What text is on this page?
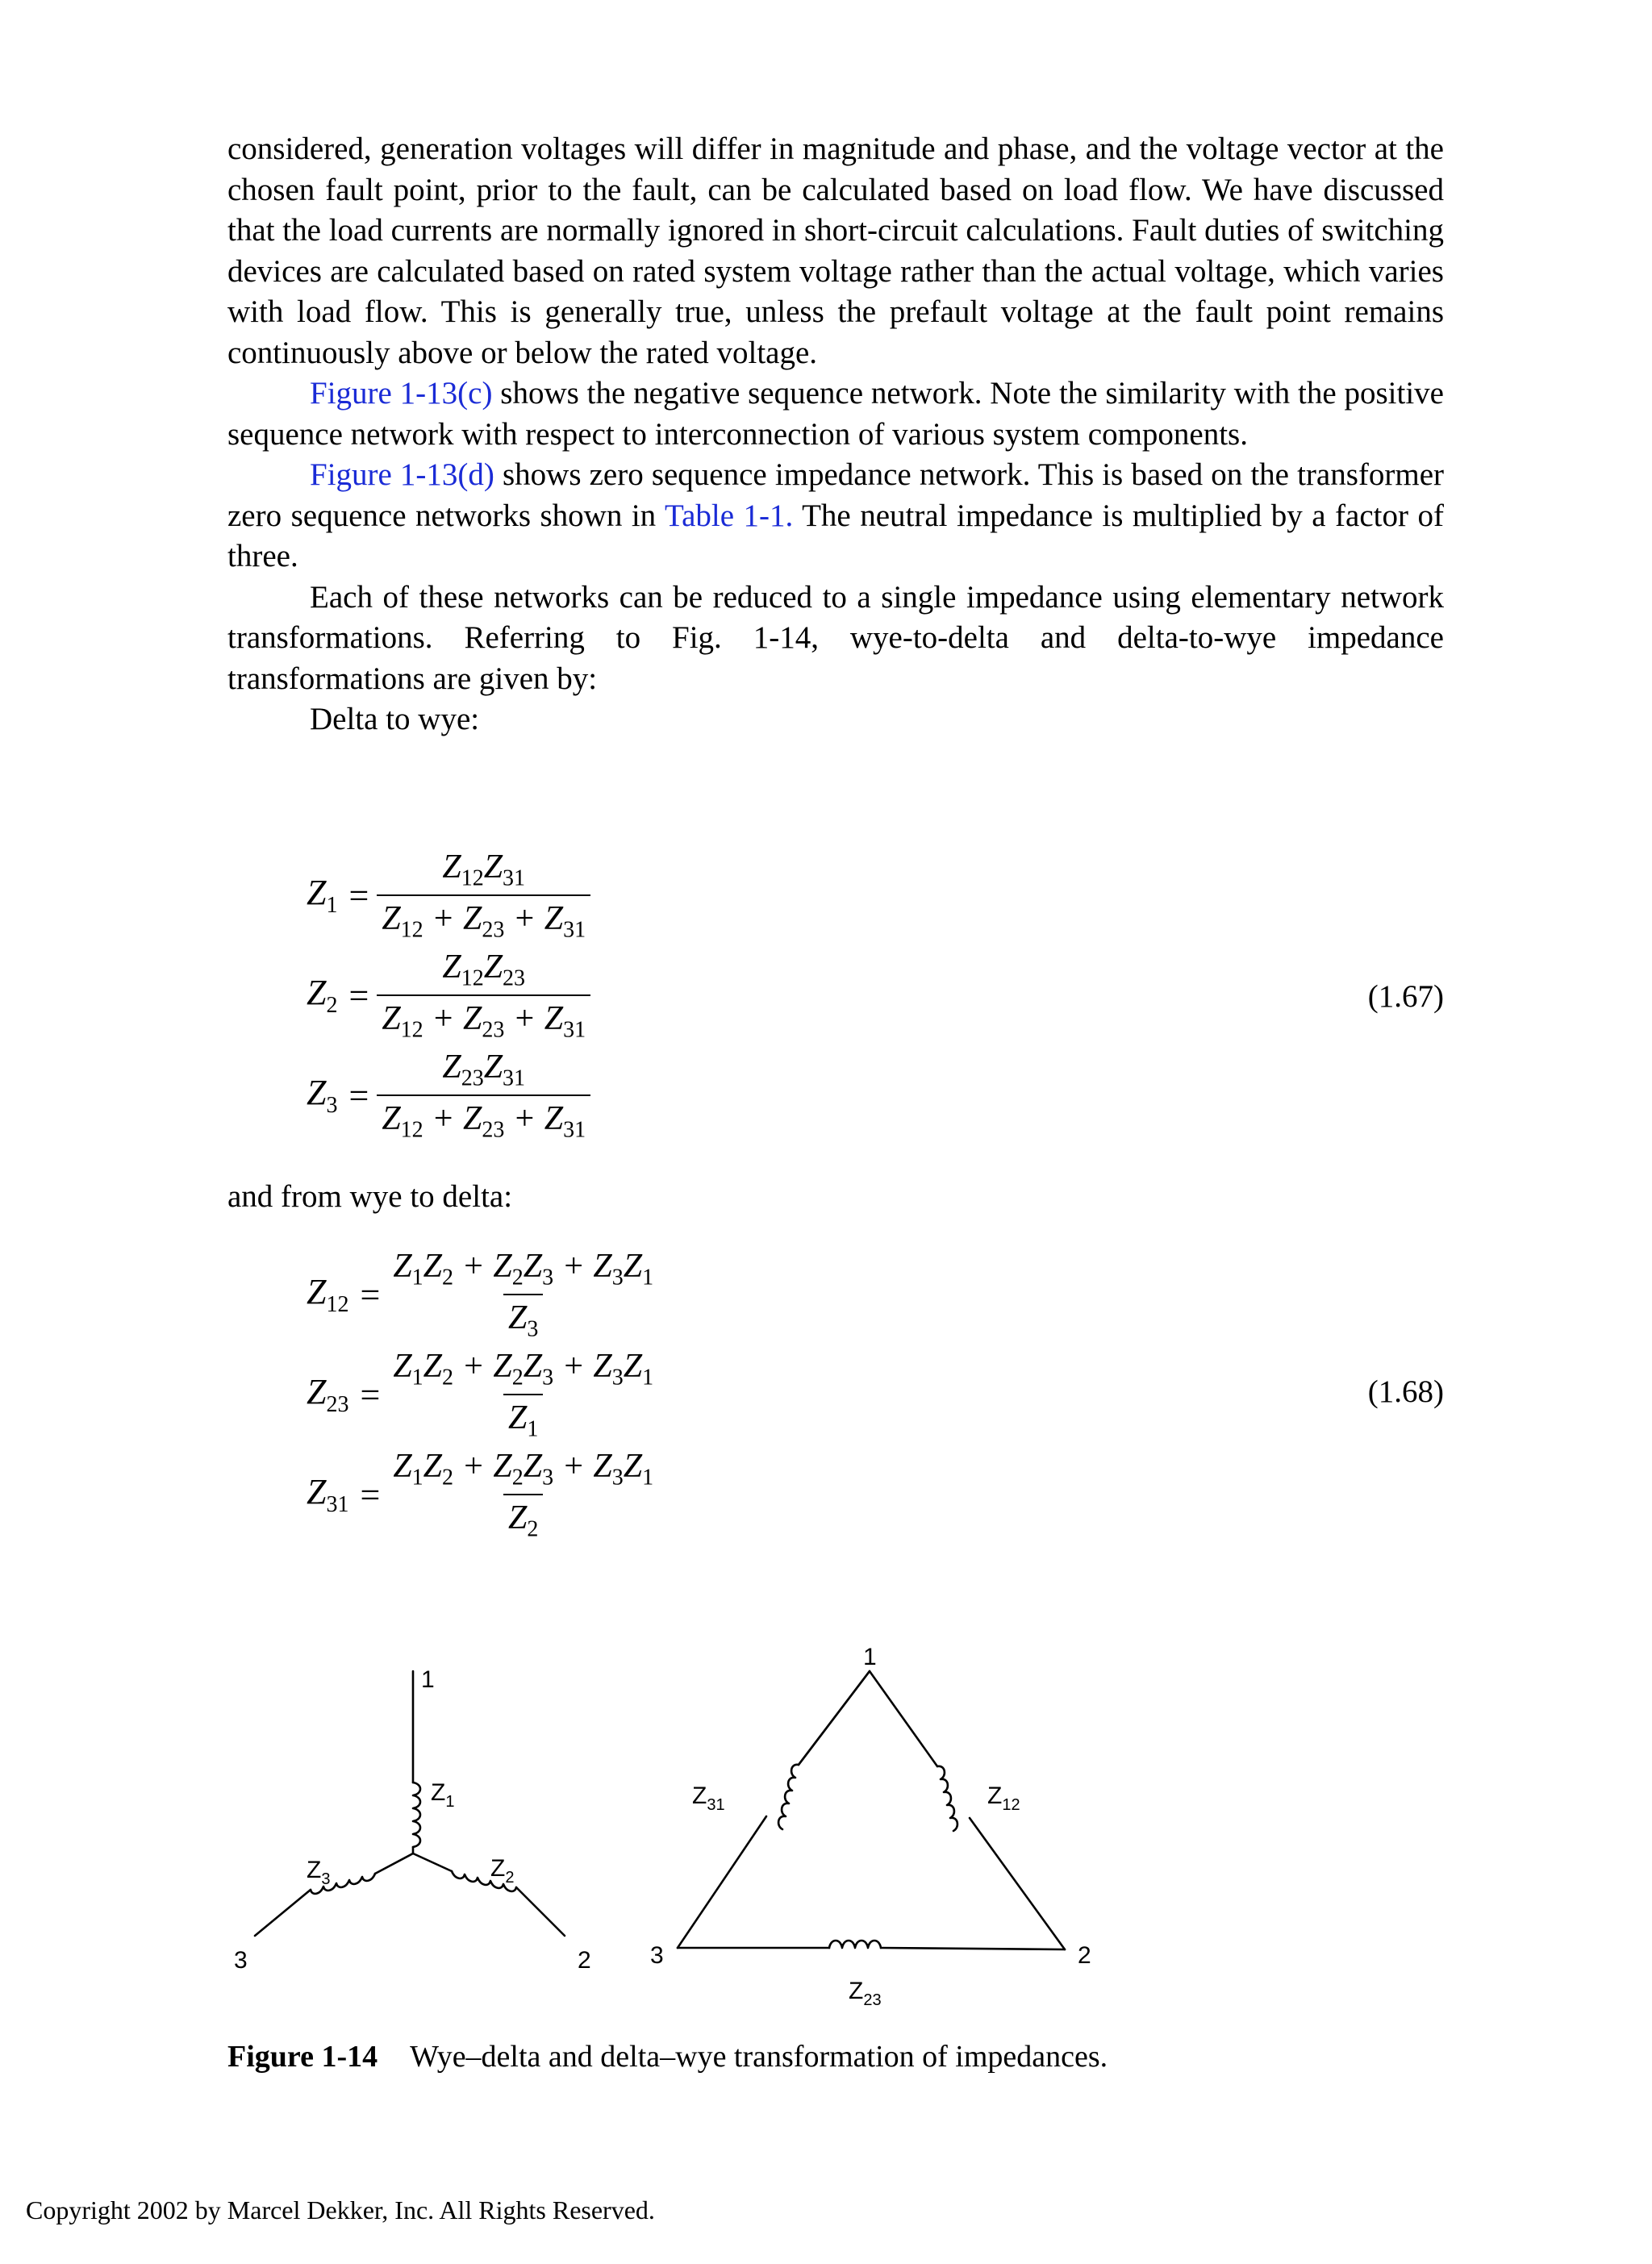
considered, generation voltages will differ in magnitude and phase, and the voltage vector at the chosen fault point, prior to the fault, can be calculated based on load flow. We have discussed that the load currents are normally ignored in short-circuit calculations. Fault duties of switching devices are calculated based on rated system voltage rather than the actual voltage, which varies with load flow. This is generally true, unless the prefault voltage at the fault point remains continuously above or below the rated voltage.

Figure 1-13(c) shows the negative sequence network. Note the similarity with the positive sequence network with respect to interconnection of various system components.

Figure 1-13(d) shows zero sequence impedance network. This is based on the transformer zero sequence networks shown in Table 1-1. The neutral impedance is multiplied by a factor of three.

Each of these networks can be reduced to a single impedance using elementary network transformations. Referring to Fig. 1-14, wye-to-delta and delta-to-wye impedance transformations are given by:

Delta to wye:

$Z_1 = \frac{Z_{12}Z_{31}}{Z_{12} + Z_{23} + Z_{31}}$
$Z_2 = \frac{Z_{12}Z_{23}}{Z_{12} + Z_{23} + Z_{31}}$
$Z_3 = \frac{Z_{23}Z_{31}}{Z_{12} + Z_{23} + Z_{31}}$
(1.67)

and from wye to delta:

$Z_{12} = \frac{Z_1Z_2 + Z_2Z_3 + Z_3Z_1}{Z_3}$
$Z_{23} = \frac{Z_1Z_2 + Z_2Z_3 + Z_3Z_1}{Z_1}$
$Z_{31} = \frac{Z_1Z_2 + Z_2Z_3 + Z_3Z_1}{Z_2}$
(1.68)
1
3	2
$Z_1$
$Z_3$	$Z_2$
1
3	2
$Z_{31}$	$Z_{12}$
$Z_{23}$
Figure 1-14 Wye–delta and delta–wye transformation of impedances.
Copyright 2002 by Marcel Dekker, Inc. All Rights Reserved.
